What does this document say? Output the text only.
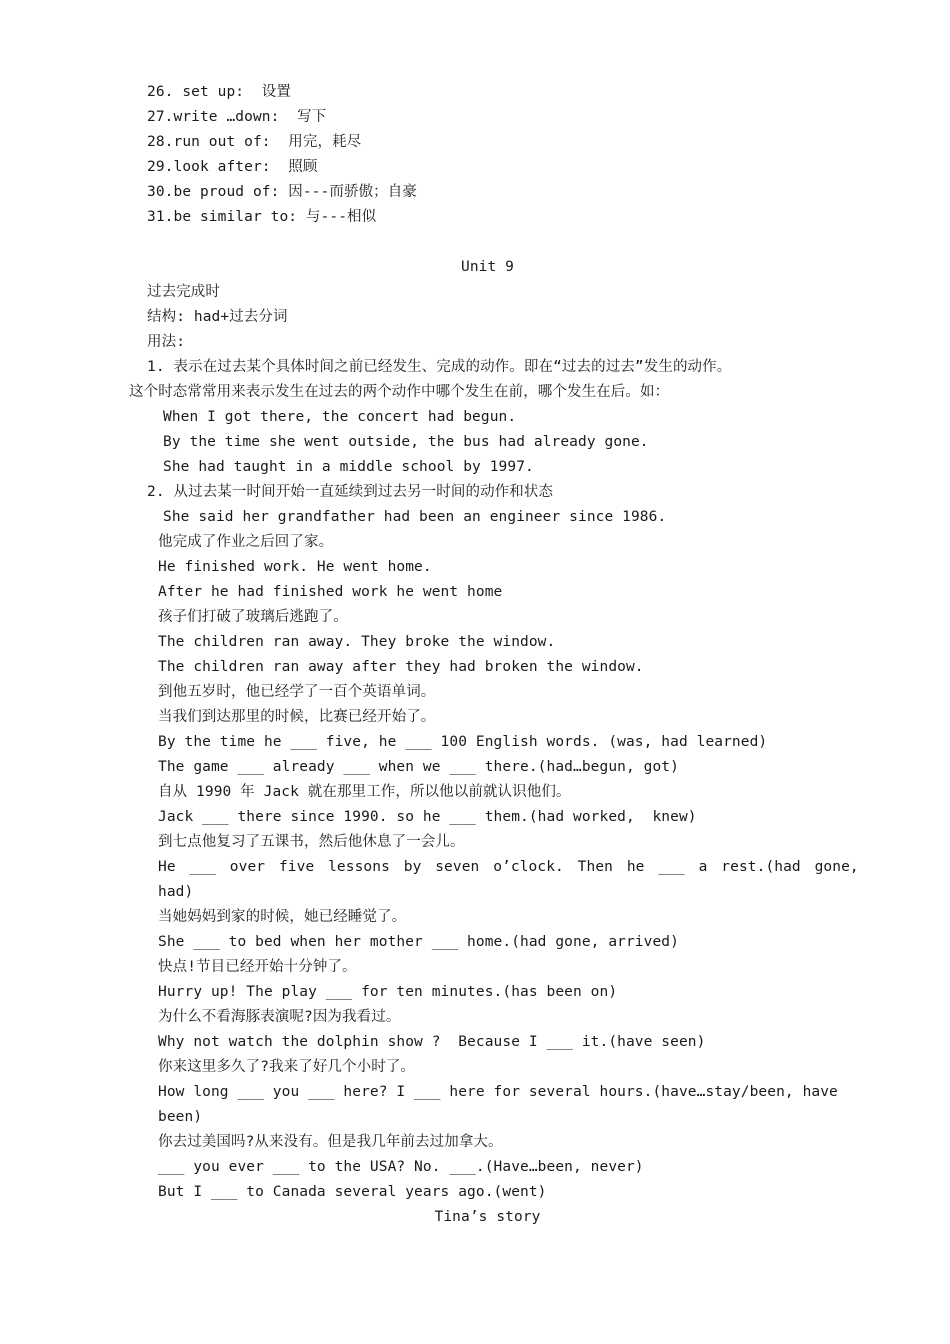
26. set up:  设置
27.write …down:  写下
28.run out of:  用完，耗尽
29.look after:  照顾
30.be proud of: 因---而骄傲；自豪
31.be similar to: 与---相似
Unit 9
过去完成时
结构: had+过去分词
用法:
1. 表示在过去某个具体时间之前已经发生、完成的动作。即在“过去的过去”发生的动作。
这个时态常常用来表示发生在过去的两个动作中哪个发生在前，哪个发生在后。如：
When I got there, the concert had begun.
By the time she went outside, the bus had already gone.
She had taught in a middle school by 1997.
2. 从过去某一时间开始一直延续到过去另一时间的动作和状态
She said her grandfather had been an engineer since 1986.
他完成了作业之后回了家。
He finished work. He went home.
After he had finished work he went home
孩子们打破了玻璃后逃跑了。
The children ran away. They broke the window.
The children ran away after they had broken the window.
到他五岁时，他已经学了一百个英语单词。
当我们到达那里的时候，比赛已经开始了。
By the time he ___ five, he ___ 100 English words. (was, had learned)
The game ___ already ___ when we ___ there.(had…begun, got)
自从 1990 年 Jack 就在那里工作，所以他以前就认识他们。
Jack ___ there since 1990. so he ___ them.(had worked,  knew)
到七点他复习了五课书，然后他休息了一会儿。
He ___ over five lessons by seven o’clock. Then he ___ a rest.(had gone,
had)
当她妈妈到家的时候，她已经睡觉了。
She ___ to bed when her mother ___ home.(had gone, arrived)
快点!节目已经开始十分钟了。
Hurry up! The play ___ for ten minutes.(has been on)
为什么不看海豚表演呢?因为我看过。
Why not watch the dolphin show ?  Because I ___ it.(have seen)
你来这里多久了?我来了好几个小时了。
How long ___ you ___ here? I ___ here for several hours.(have…stay/been, have
been)
你去过美国吗?从来没有。但是我几年前去过加拿大。
___ you ever ___ to the USA? No. ___.(Have…been, never)
But I ___ to Canada several years ago.(went)
Tina’s story
